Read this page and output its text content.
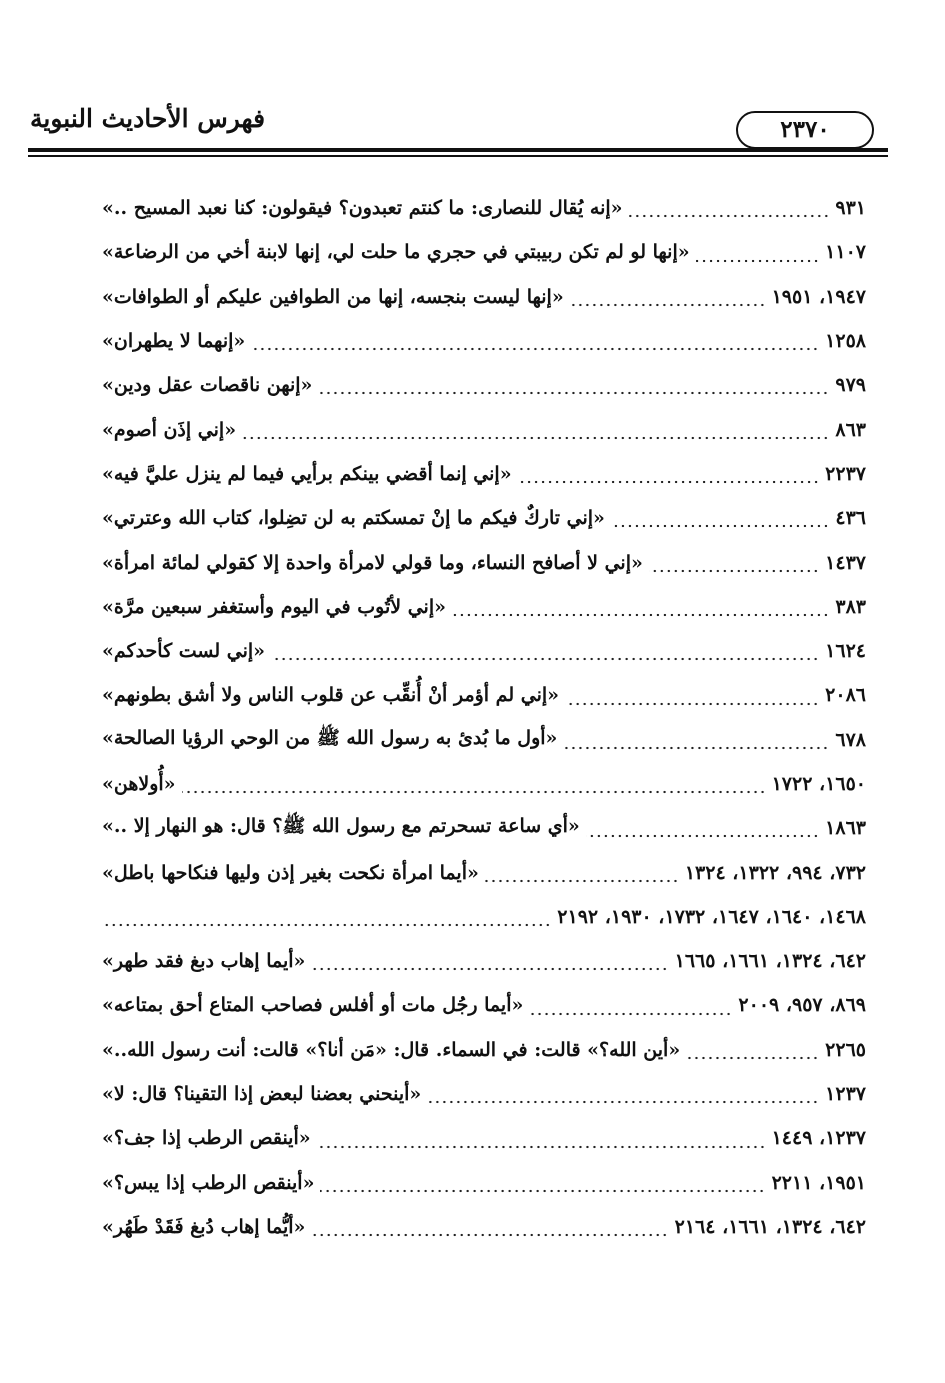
فهرس الأحاديث النبوية	٢٣٧٠
«إنه يُقال للنصارى: ما كنتم تعبدون؟ فيقولون: كنا نعبد المسيح ..»	٩٣١
«إنها لو لم تكن ربيبتي في حجري ما حلت لي، إنها لابنة أخي من الرضاعة»	١١٠٧
«إنها ليست بنجسه، إنها من الطوافين عليكم أو الطوافات»	١٩٤٧، ١٩٥١
«إنهما لا يطهران»	١٢٥٨
«إنهن ناقصات عقل ودين»	٩٧٩
«إني إذَن أصوم»	٨٦٣
«إني إنما أقضي بينكم برأيي فيما لم ينزل عليَّ فيه»	٢٢٣٧
«إني تاركٌ فيكم ما إنْ تمسكتم به لن تضِلوا، كتاب الله وعترتي»	٤٣٦
«إني لا أصافح النساء، وما قولي لامرأة واحدة إلا كقولي لمائة امرأة»	١٤٣٧
«إني لأتُوب في اليوم وأستغفر سبعين مرَّة»	٣٨٣
«إني لست كأحدكم»	١٦٢٤
«إني لم أؤمر أنْ أُنقِّب عن قلوب الناس ولا أشق بطونهم»	٢٠٨٦
«أول ما بُدئ به رسول الله ﷺ من الوحي الرؤيا الصالحة»	٦٧٨
«أُولاهن»	١٦٥٠، ١٧٢٢
«أي ساعة تسحرتم مع رسول الله ﷺ؟ قال: هو النهار إلا ..»	١٨٦٣
«أيما امرأة نكحت بغير إذن وليها فنكاحها باطل»	٧٣٢، ٩٩٤، ١٣٢٢، ١٣٢٤
١٤٦٨، ١٦٤٠، ١٦٤٧، ١٧٣٢، ١٩٣٠، ٢١٩٢
«أيما إهاب دبغ فقد طهر»	٦٤٢، ١٣٢٤، ١٦٦١، ١٦٦٥
«أيما رجُل مات أو أفلس فصاحب المتاع أحق بمتاعه»	٨٦٩، ٩٥٧، ٢٠٠٩
«أين الله؟» قالت: في السماء. قال: «مَن أنا؟» قالت: أنت رسول الله..»	٢٢٦٥
«أينحني بعضنا لبعض إذا التقينا؟ قال: لا»	١٢٣٧
«أينقص الرطب إذا جف؟»	١٢٣٧، ١٤٤٩
«أينقص الرطب إذا يبس؟»	١٩٥١، ٢٢١١
«أيُّما إهاب دُبغ فَقَدْ طَهُر»	٦٤٢، ١٣٢٤، ١٦٦١، ٢١٦٤
